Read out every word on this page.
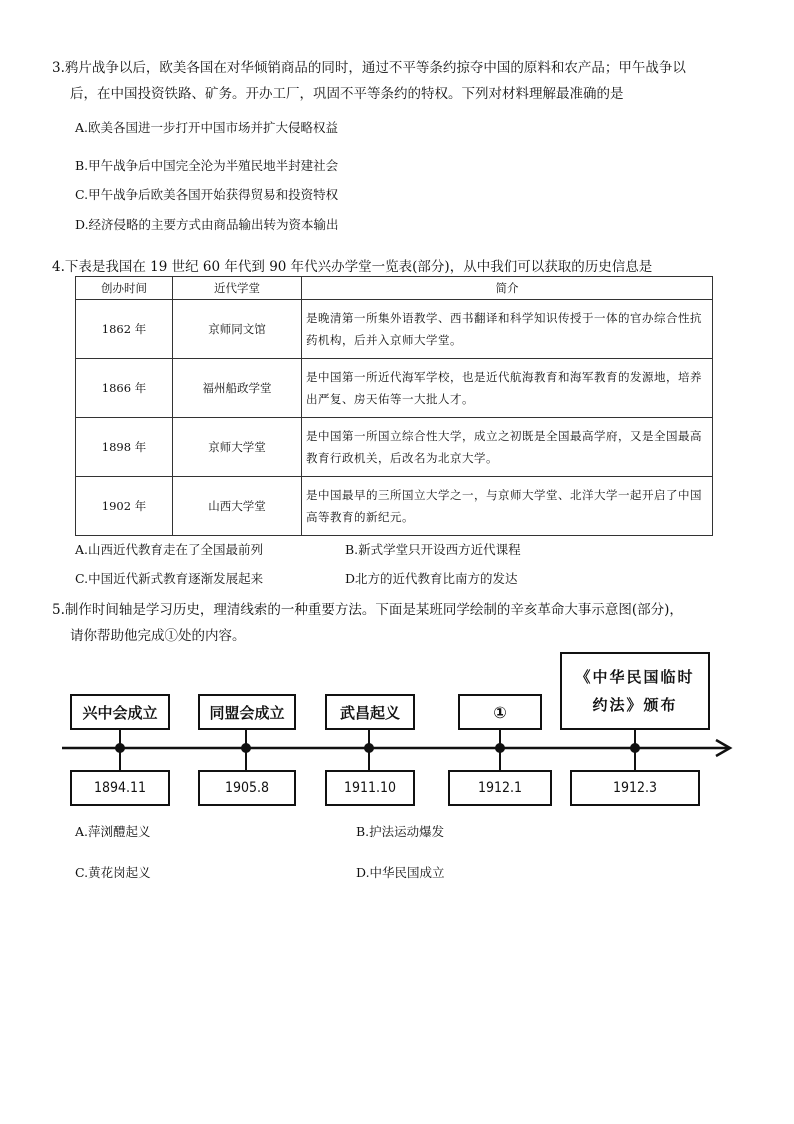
3.鸦片战争以后，欧美各国在对华倾销商品的同时，通过不平等条约掠夺中国的原料和农产品；甲午战争以
后，在中国投资铁路、矿务。开办工厂，巩固不平等条约的特权。下列对材料理解最准确的是
A.欧美各国进一步打开中国市场并扩大侵略权益
B.甲午战争后中国完全沦为半殖民地半封建社会
C.甲午战争后欧美各国开始获得贸易和投资特权
D.经济侵略的主要方式由商品输出转为资本输出
4.下表是我国在 19 世纪 60 年代到 90 年代兴办学堂一览表(部分)，从中我们可以获取的历史信息是
创办时间	近代学堂	简介
1862 年	京师同文馆	是晚清第一所集外语教学、西书翻译和科学知识传授于一体的官办综合性抗药机构，后并入京师大学堂。
1866 年	福州船政学堂	是中国第一所近代海军学校，也是近代航海教育和海军教育的发源地，培养出严复、房天佑等一大批人才。
1898 年	京师大学堂	是中国第一所国立综合性大学，成立之初既是全国最高学府，又是全国最高教育行政机关，后改名为北京大学。
1902 年	山西大学堂	是中国最早的三所国立大学之一，与京师大学堂、北洋大学一起开启了中国高等教育的新纪元。
A.山西近代教育走在了全国最前列	B.新式学堂只开设西方近代课程
C.中国近代新式教育逐渐发展起来	D北方的近代教育比南方的发达
5.制作时间轴是学习历史，理清线索的一种重要方法。下面是某班同学绘制的辛亥革命大事示意图(部分)，
请你帮助他完成①处的内容。
兴中会成立	同盟会成立	武昌起义	①
《中华民国临时约法》颁布
1894.11	1905.8	1911.10	1912.1	1912.3
A.萍浏醴起义	B.护法运动爆发
C.黄花岗起义	D.中华民国成立
